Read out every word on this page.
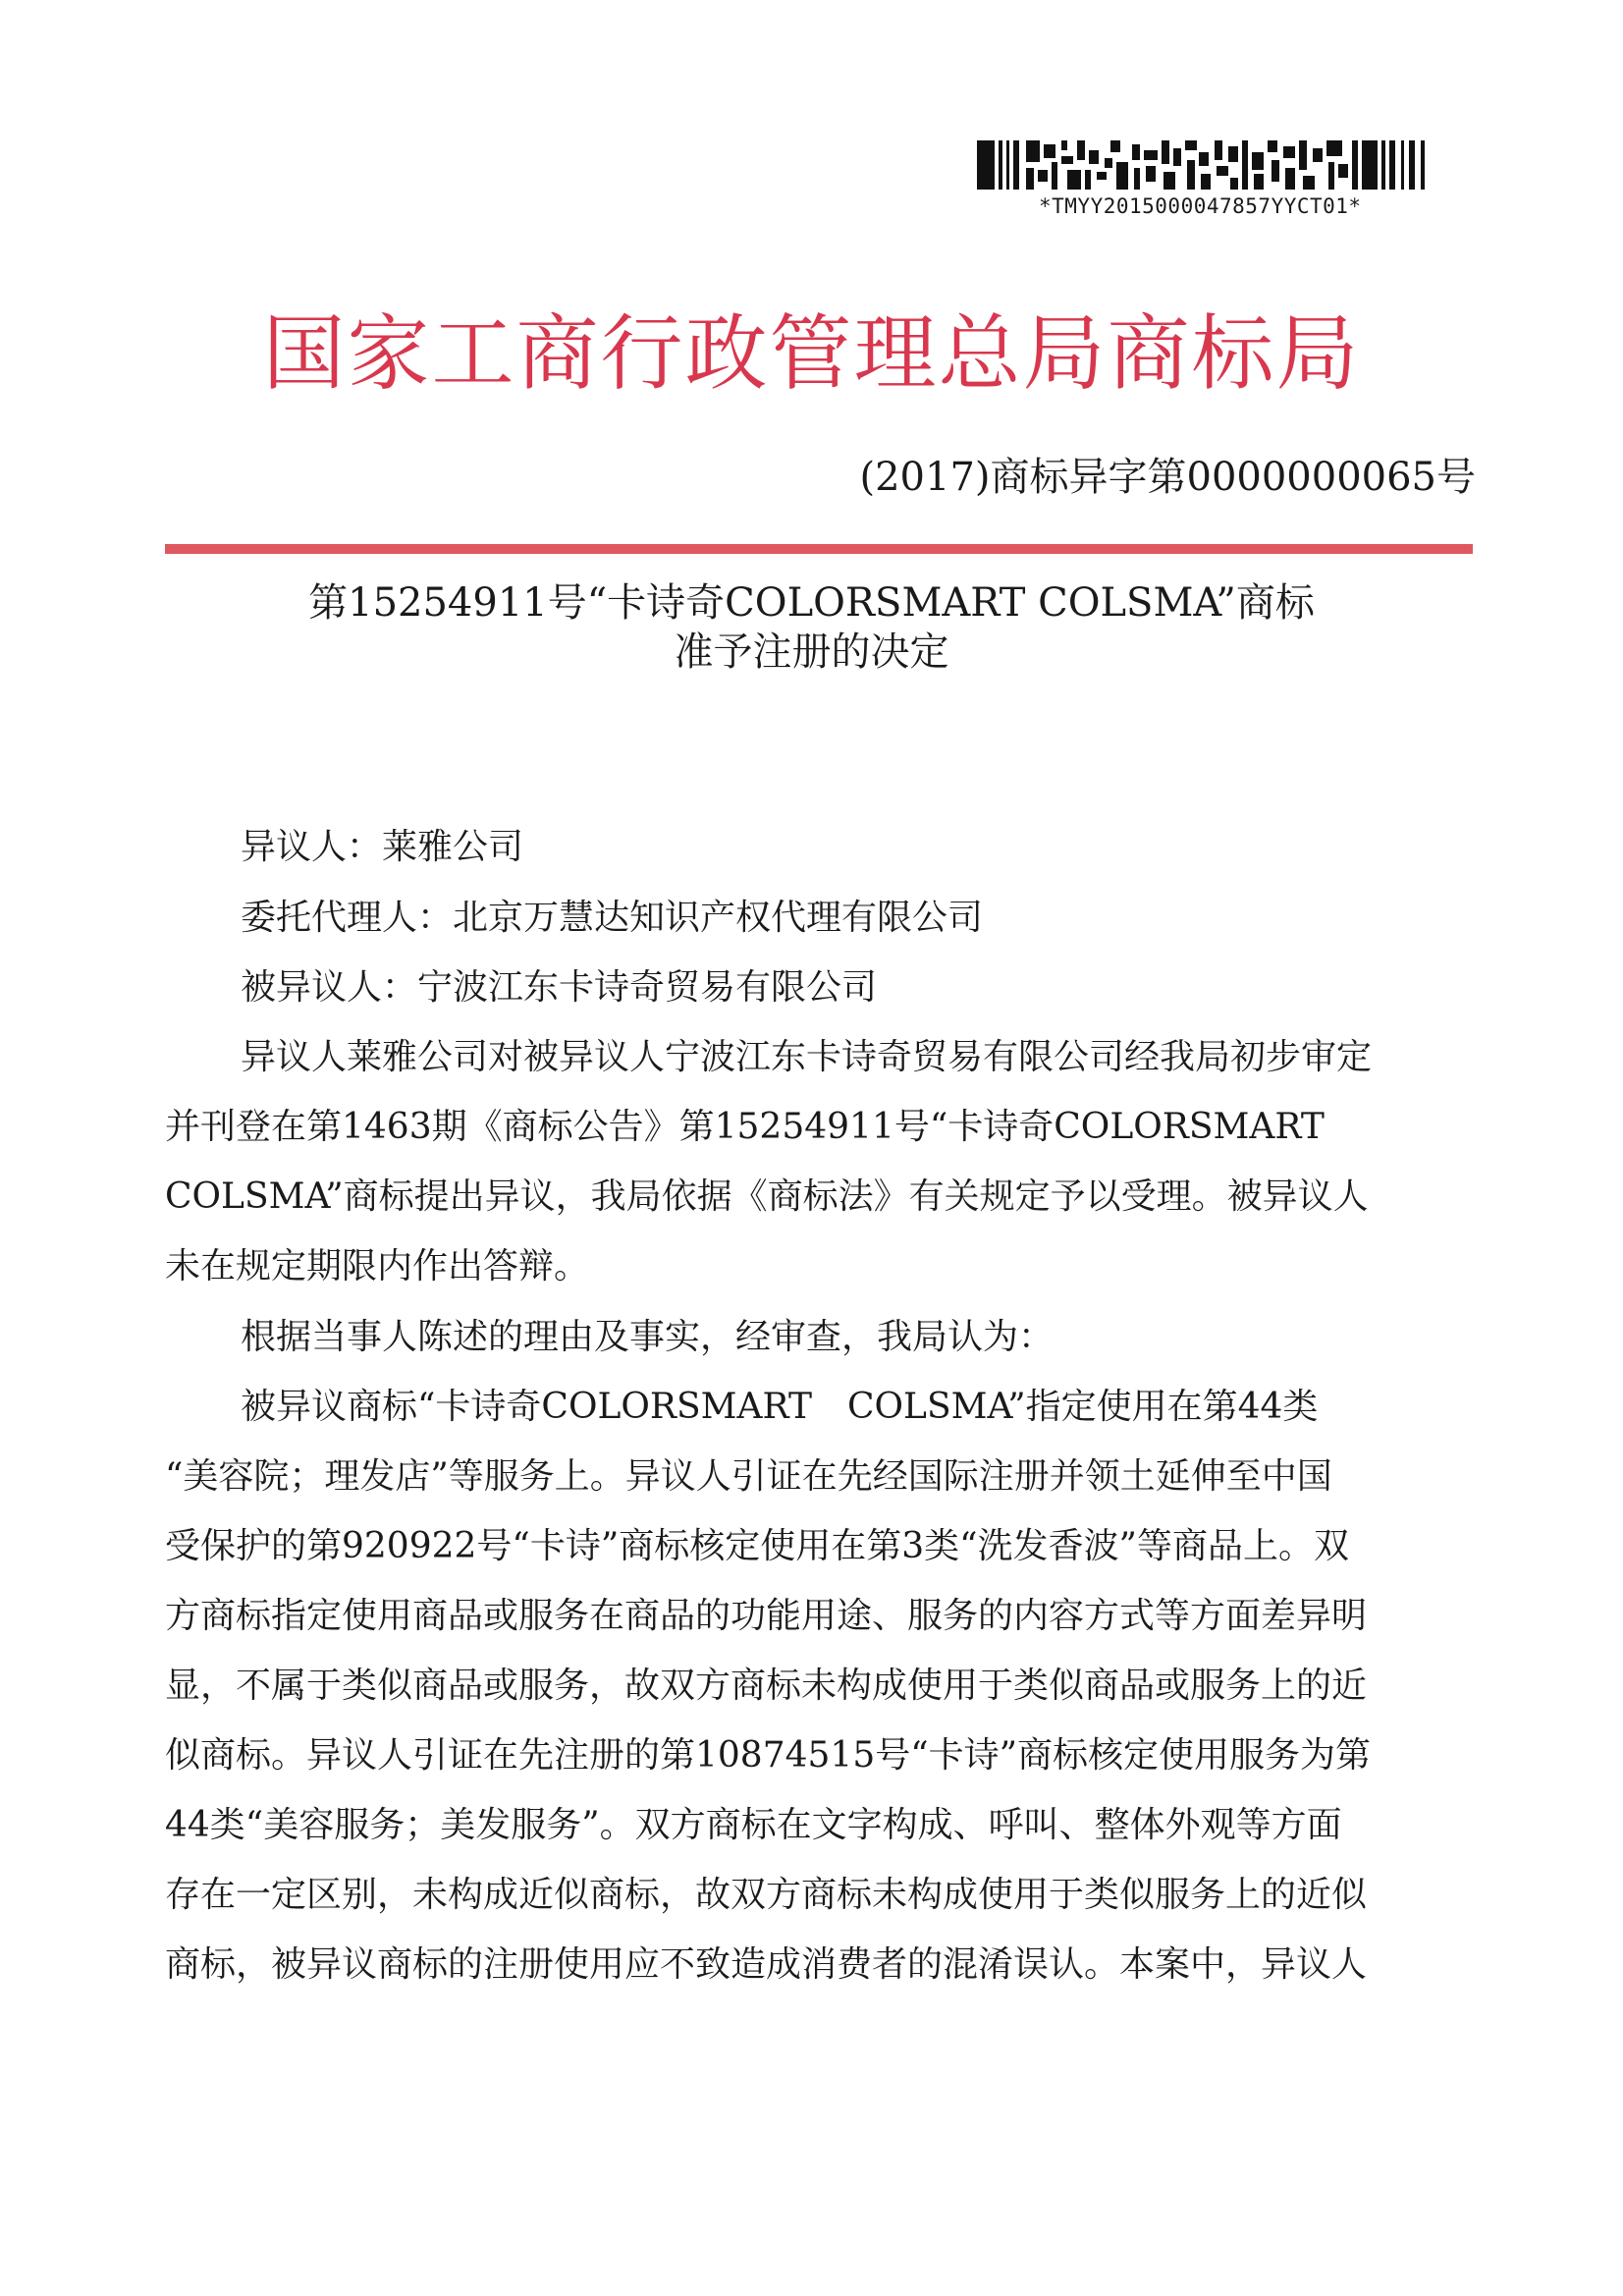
*TMYY2015000047857YYCT01*
国家工商行政管理总局商标局
(2017)商标异字第0000000065号
第15254911号“卡诗奇COLORSMART COLSMA”商标
准予注册的决定
异议人：莱雅公司
委托代理人：北京万慧达知识产权代理有限公司
被异议人：宁波江东卡诗奇贸易有限公司
异议人莱雅公司对被异议人宁波江东卡诗奇贸易有限公司经我局初步审定
并刊登在第1463期《商标公告》第15254911号“卡诗奇COLORSMART
COLSMA”商标提出异议，我局依据《商标法》有关规定予以受理。被异议人
未在规定期限内作出答辩。
根据当事人陈述的理由及事实，经审查，我局认为：
被异议商标“卡诗奇COLORSMART　COLSMA”指定使用在第44类
“美容院；理发店”等服务上。异议人引证在先经国际注册并领土延伸至中国
受保护的第920922号“卡诗”商标核定使用在第3类“洗发香波”等商品上。双
方商标指定使用商品或服务在商品的功能用途、服务的内容方式等方面差异明
显，不属于类似商品或服务，故双方商标未构成使用于类似商品或服务上的近
似商标。异议人引证在先注册的第10874515号“卡诗”商标核定使用服务为第
44类“美容服务；美发服务”。双方商标在文字构成、呼叫、整体外观等方面
存在一定区别，未构成近似商标，故双方商标未构成使用于类似服务上的近似
商标，被异议商标的注册使用应不致造成消费者的混淆误认。本案中，异议人
